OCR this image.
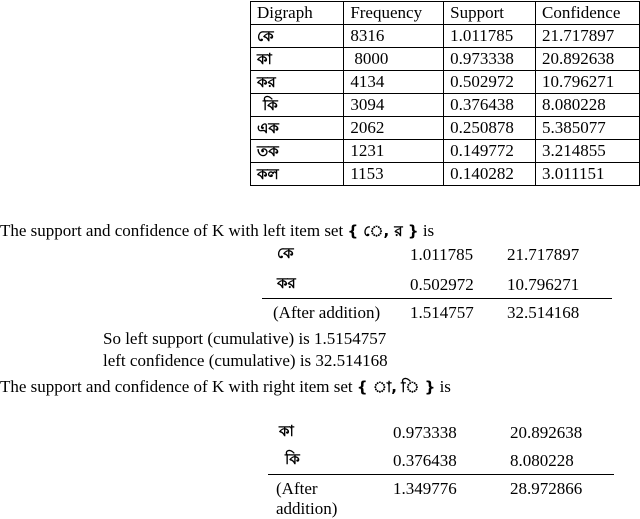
Digraph	Frequency	Support	Confidence
কে	8316	1.011785	21.717897
কা	8000	0.973338	20.892638
কর	4134	0.502972	10.796271
কি	3094	0.376438	8.080228
এক	2062	0.250878	5.385077
তক	1231	0.149772	3.214855
কল	1153	0.140282	3.011151
The support and confidence of K with left item set { ে, র } is
কে	1.011785 21.717897
কর	0.502972 10.796271
(After addition) 1.514757 32.514168
So left support (cumulative) is 1.5154757
left confidence (cumulative) is 32.514168
The support and confidence of K with right item set { া, ি } is
কা	0.973338	20.892638
কি	0.376438	8.080228
(After
addition)
1.349776	28.972866
